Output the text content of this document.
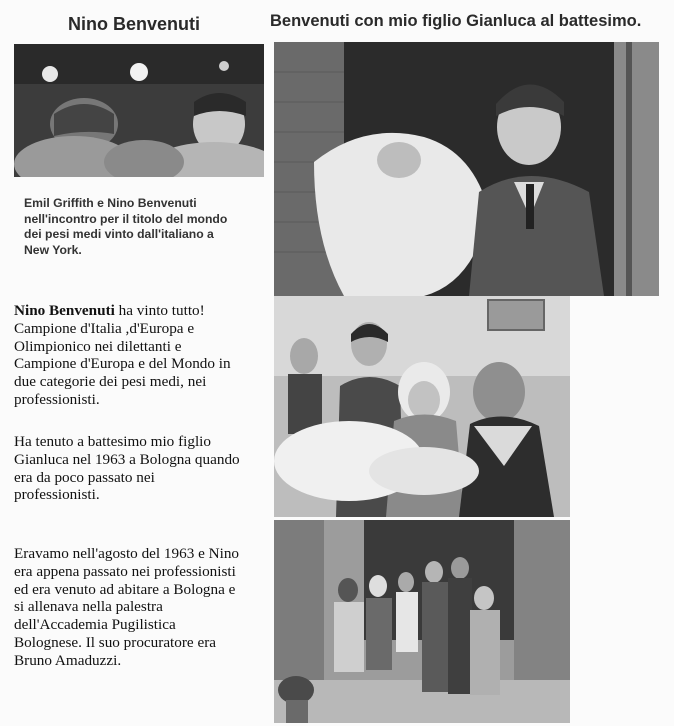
Nino Benvenuti	Benvenuti con mio figlio Gianluca al battesimo.
Emil Griffith e Nino Benvenuti
nell'incontro per il titolo del mondo
dei pesi medi vinto dall'italiano a
New York.
Nino Benvenuti ha vinto tutto!
Campione d'Italia ,d'Europa e
Olimpionico nei dilettanti e
Campione d'Europa e del Mondo in
due categorie dei pesi medi, nei
professionisti.
Ha tenuto a battesimo mio figlio
Gianluca nel 1963 a Bologna quando
era da poco passato nei
professionisti.
Eravamo nell'agosto del 1963 e Nino
era appena passato nei professionisti
ed era venuto ad abitare a Bologna e
si allenava nella palestra
dell'Accademia Pugilistica
Bolognese. Il suo procuratore era
Bruno Amaduzzi.
